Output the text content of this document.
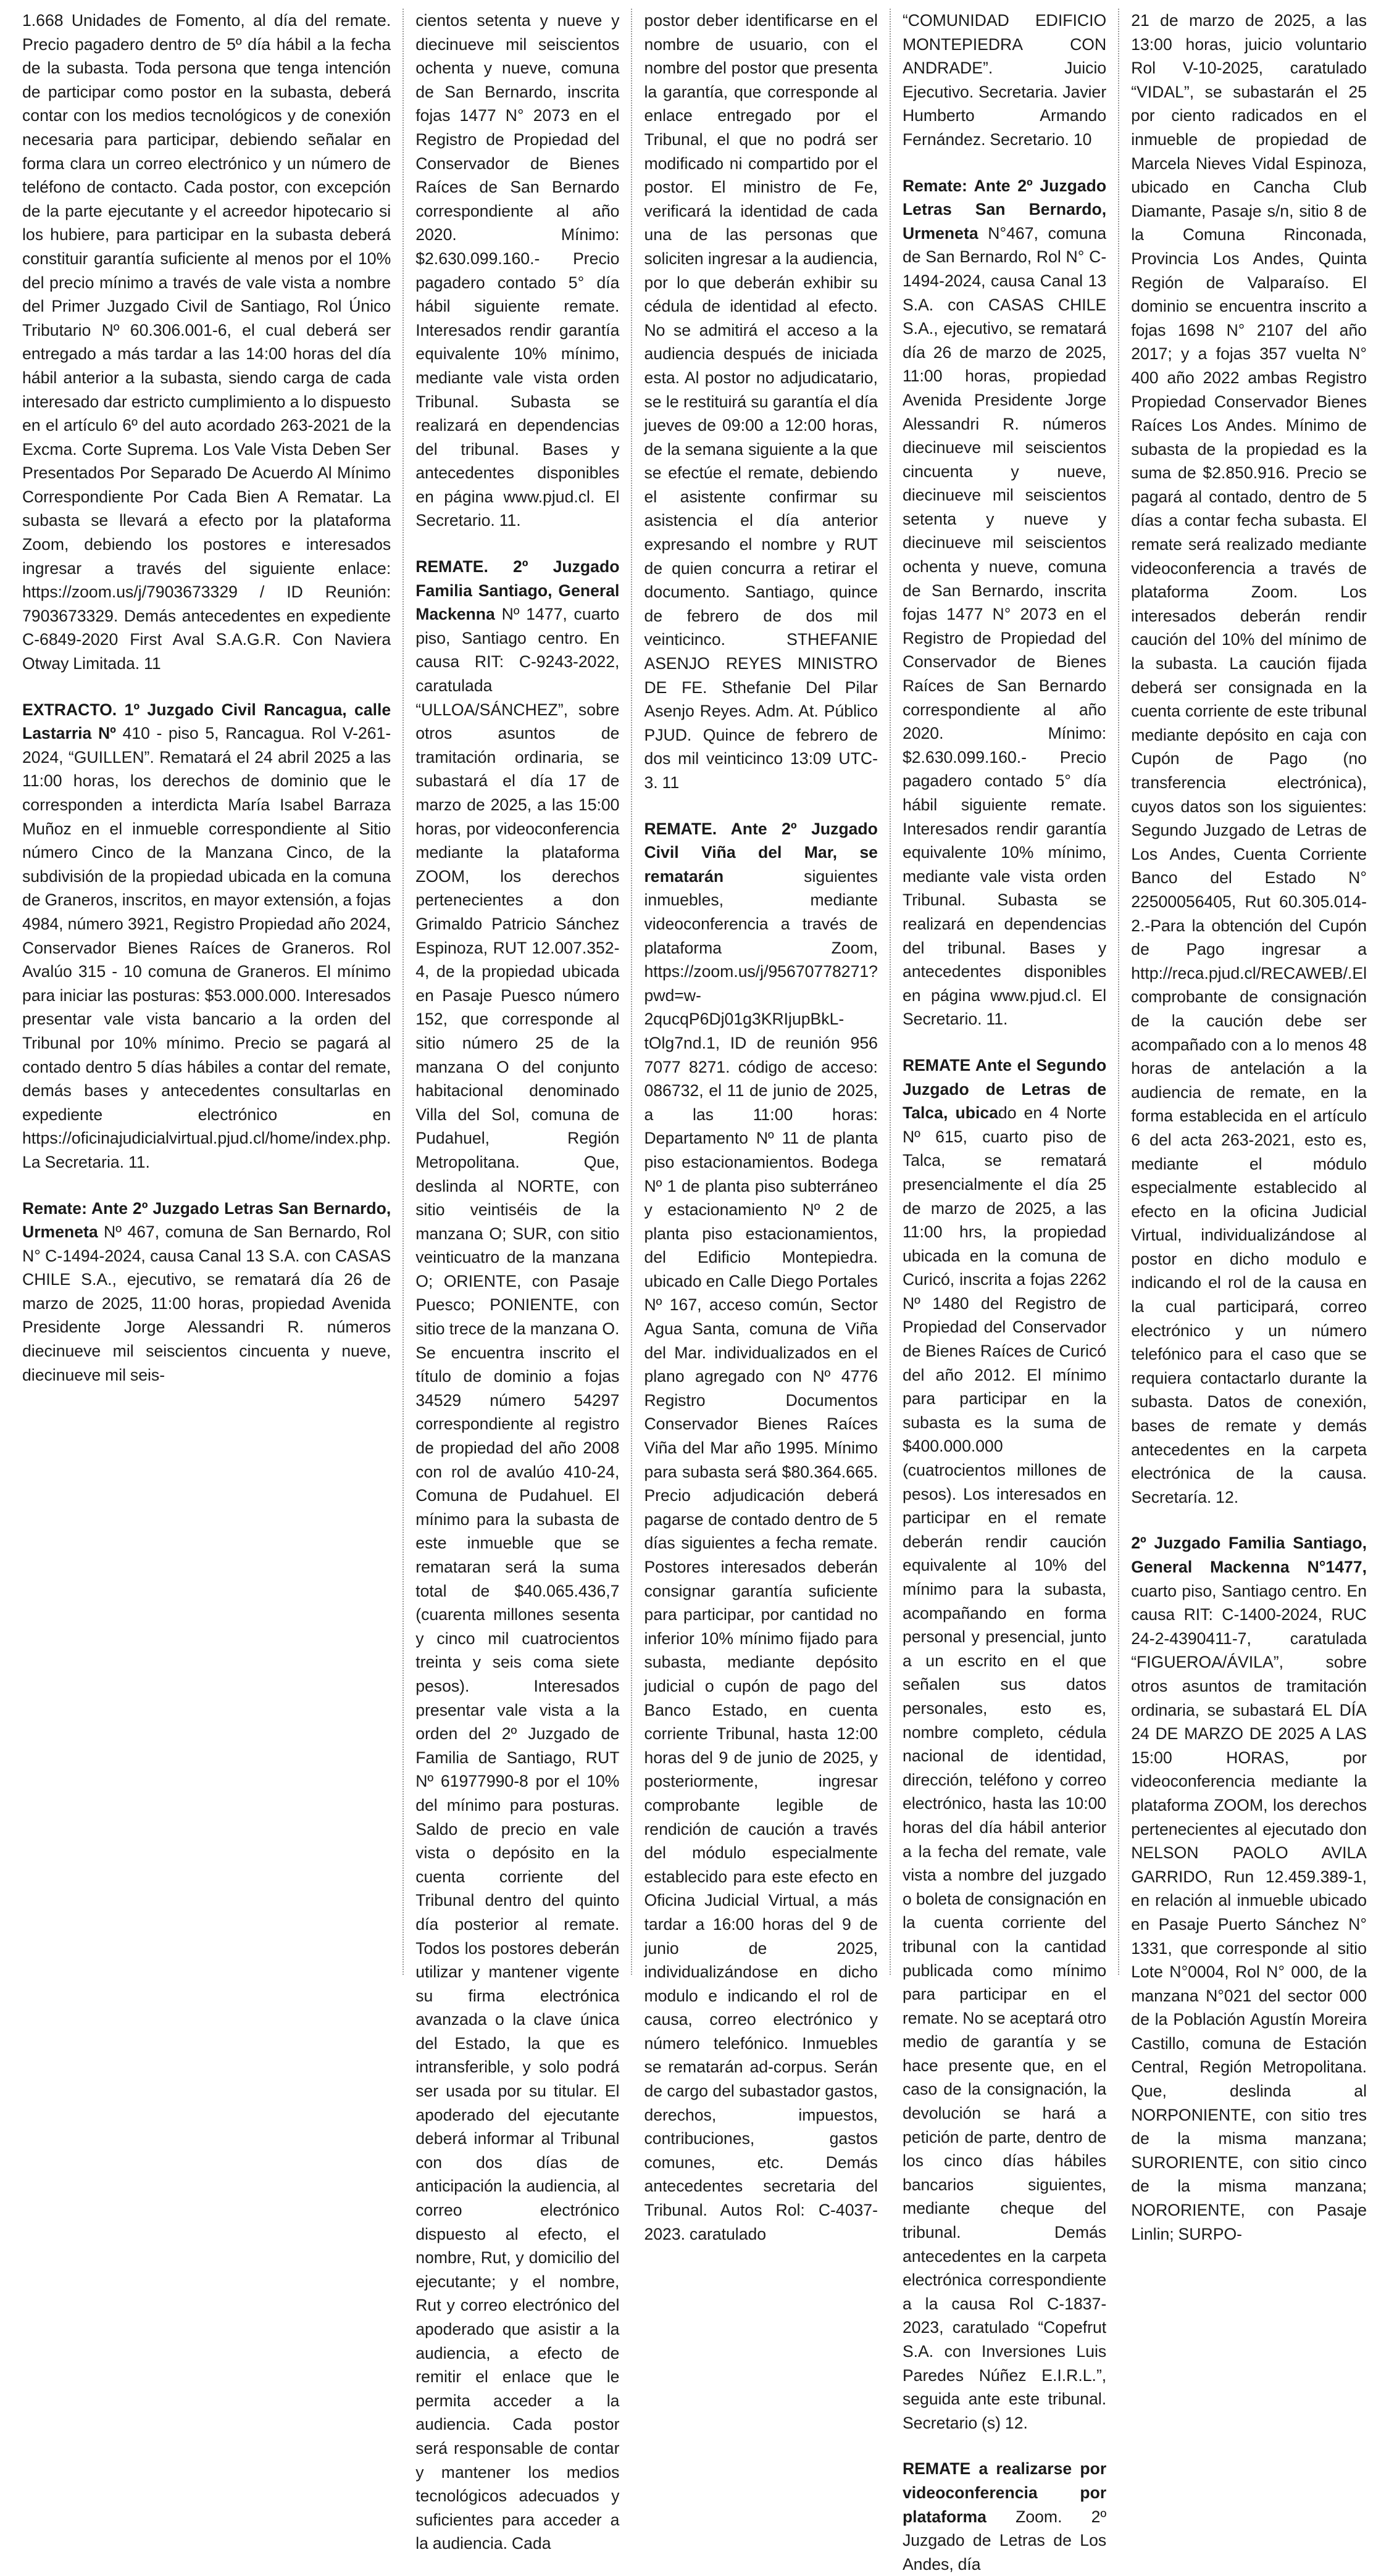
1.668 Unidades de Fomento, al día del remate. Precio pagadero dentro de 5º día hábil a la fecha de la subasta. Toda persona que tenga intención de participar como postor en la subasta, deberá contar con los medios tecnológicos y de conexión necesaria para participar, debiendo señalar en forma clara un correo electrónico y un número de teléfono de contacto. Cada postor, con excepción de la parte ejecutante y el acreedor hipotecario si los hubiere, para participar en la subasta deberá constituir garantía suficiente al menos por el 10% del precio mínimo a través de vale vista a nombre del Primer Juzgado Civil de Santiago, Rol Único Tributario Nº 60.306.001-6, el cual deberá ser entregado a más tardar a las 14:00 horas del día hábil anterior a la subasta, siendo carga de cada interesado dar estricto cumplimiento a lo dispuesto en el artículo 6º del auto acordado 263-2021 de la Excma. Corte Suprema. Los Vale Vista Deben Ser Presentados Por Separado De Acuerdo Al Mínimo Correspondiente Por Cada Bien A Rematar. La subasta se llevará a efecto por la plataforma Zoom, debiendo los postores e interesados ingresar a través del siguiente enlace: https://zoom.us/j/7903673329 / ID Reunión: 7903673329. Demás antecedentes en expediente C-6849-2020 First Aval S.A.G.R. Con Naviera Otway Limitada. 11

EXTRACTO. 1º Juzgado Civil Rancagua, calle Lastarria Nº 410 - piso 5, Rancagua. Rol V-261-2024, “GUILLEN”. Rematará el 24 abril 2025 a las 11:00 horas, los derechos de dominio que le corresponden a interdicta María Isabel Barraza Muñoz en el inmueble correspondiente al Sitio número Cinco de la Manzana Cinco, de la subdivisión de la propiedad ubicada en la comuna de Graneros, inscritos, en mayor extensión, a fojas 4984, número 3921, Registro Propiedad año 2024, Conservador Bienes Raíces de Graneros. Rol Avalúo 315 - 10 comuna de Graneros. El mínimo para iniciar las posturas: $53.000.000. Interesados presentar vale vista bancario a la orden del Tribunal por 10% mínimo. Precio se pagará al contado dentro 5 días hábiles a contar del remate, demás bases y antecedentes consultarlas en expediente electrónico en https://oficinajudicialvirtual.pjud.cl/home/index.php. La Secretaria. 11.

Remate: Ante 2º Juzgado Letras San Bernardo, Urmeneta Nº 467, comuna de San Bernardo, Rol N° C-1494-2024, causa Canal 13 S.A. con CASAS CHILE S.A., ejecutivo, se rematará día 26 de marzo de 2025, 11:00 horas, propiedad Avenida Presidente Jorge Alessandri R. números diecinueve mil seiscientos cincuenta y nueve, diecinueve mil seis-

cientos setenta y nueve y diecinueve mil seiscientos ochenta y nueve, comuna de San Bernardo, inscrita fojas 1477 N° 2073 en el Registro de Propiedad del Conservador de Bienes Raíces de San Bernardo correspondiente al año 2020. Mínimo: $2.630.099.160.- Precio pagadero contado 5° día hábil siguiente remate. Interesados rendir garantía equivalente 10% mínimo, mediante vale vista orden Tribunal. Subasta se realizará en dependencias del tribunal. Bases y antecedentes disponibles en página www.pjud.cl. El Secretario. 11.

REMATE. 2º Juzgado Familia Santiago, General Mackenna Nº 1477, cuarto piso, Santiago centro. En causa RIT: C-9243-2022, caratulada “ULLOA/SÁNCHEZ”, sobre otros asuntos de tramitación ordinaria, se subastará el día 17 de marzo de 2025, a las 15:00 horas, por videoconferencia mediante la plataforma ZOOM, los derechos pertenecientes a don Grimaldo Patricio Sánchez Espinoza, RUT 12.007.352-4, de la propiedad ubicada en Pasaje Puesco número 152, que corresponde al sitio número 25 de la manzana O del conjunto habitacional denominado Villa del Sol, comuna de Pudahuel, Región Metropolitana. Que, deslinda al NORTE, con sitio veintiséis de la manzana O; SUR, con sitio veinticuatro de la manzana O; ORIENTE, con Pasaje Puesco; PONIENTE, con sitio trece de la manzana O. Se encuentra inscrito el título de dominio a fojas 34529 número 54297 correspondiente al registro de propiedad del año 2008 con rol de avalúo 410-24, Comuna de Pudahuel. El mínimo para la subasta de este inmueble que se remataran será la suma total de $40.065.436,7 (cuarenta millones sesenta y cinco mil cuatrocientos treinta y seis coma siete pesos). Interesados presentar vale vista a la orden del 2º Juzgado de Familia de Santiago, RUT Nº 61977990-8 por el 10% del mínimo para posturas. Saldo de precio en vale vista o depósito en la cuenta corriente del Tribunal dentro del quinto día posterior al remate. Todos los postores deberán utilizar y mantener vigente su firma electrónica avanzada o la clave única del Estado, la que es intransferible, y solo podrá ser usada por su titular. El apoderado del ejecutante deberá informar al Tribunal con dos días de anticipación la audiencia, al correo electrónico dispuesto al efecto, el nombre, Rut, y domicilio del ejecutante; y el nombre, Rut y correo electrónico del apoderado que asistir a la audiencia, a efecto de remitir el enlace que le permita acceder a la audiencia. Cada postor será responsable de contar y mantener los medios tecnológicos adecuados y suficientes para acceder a la audiencia. Cada

postor deber identificarse en el nombre de usuario, con el nombre del postor que presenta la garantía, que corresponde al enlace entregado por el Tribunal, el que no podrá ser modificado ni compartido por el postor. El ministro de Fe, verificará la identidad de cada una de las personas que soliciten ingresar a la audiencia, por lo que deberán exhibir su cédula de identidad al efecto. No se admitirá el acceso a la audiencia después de iniciada esta. Al postor no adjudicatario, se le restituirá su garantía el día jueves de 09:00 a 12:00 horas, de la semana siguiente a la que se efectúe el remate, debiendo el asistente confirmar su asistencia el día anterior expresando el nombre y RUT de quien concurra a retirar el documento. Santiago, quince de febrero de dos mil veinticinco. STHEFANIE ASENJO REYES MINISTRO DE FE. Sthefanie Del Pilar Asenjo Reyes. Adm. At. Público PJUD. Quince de febrero de dos mil veinticinco 13:09 UTC-3. 11

REMATE. Ante 2º Juzgado Civil Viña del Mar, se rematarán siguientes inmuebles, mediante videoconferencia a través de plataforma Zoom, https://zoom.us/j/95670778271?pwd=w-2qucqP6Dj01g3KRIjupBkL-tOlg7nd.1, ID de reunión 956 7077 8271. código de acceso: 086732, el 11 de junio de 2025, a las 11:00 horas: Departamento Nº 11 de planta piso estacionamientos. Bodega Nº 1 de planta piso subterráneo y estacionamiento Nº 2 de planta piso estacionamientos, del Edificio Montepiedra. ubicado en Calle Diego Portales Nº 167, acceso común, Sector Agua Santa, comuna de Viña del Mar. individualizados en el plano agregado con Nº 4776 Registro Documentos Conservador Bienes Raíces Viña del Mar año 1995. Mínimo para subasta será $80.364.665. Precio adjudicación deberá pagarse de contado dentro de 5 días siguientes a fecha remate. Postores interesados deberán consignar garantía suficiente para participar, por cantidad no inferior 10% mínimo fijado para subasta, mediante depósito judicial o cupón de pago del Banco Estado, en cuenta corriente Tribunal, hasta 12:00 horas del 9 de junio de 2025, y posteriormente, ingresar comprobante legible de rendición de caución a través del módulo especialmente establecido para este efecto en Oficina Judicial Virtual, a más tardar a 16:00 horas del 9 de junio de 2025, individualizándose en dicho modulo e indicando el rol de causa, correo electrónico y número telefónico. Inmuebles se rematarán ad-corpus. Serán de cargo del subastador gastos, derechos, impuestos, contribuciones, gastos comunes, etc. Demás antecedentes secretaria del Tribunal. Autos Rol: C-4037-2023. caratulado

“COMUNIDAD EDIFICIO MONTEPIEDRA CON ANDRADE”. Juicio Ejecutivo. Secretaria. Javier Humberto Armando Fernández. Secretario. 10

Remate: Ante 2º Juzgado Letras San Bernardo, Urmeneta N°467, comuna de San Bernardo, Rol N° C-1494-2024, causa Canal 13 S.A. con CASAS CHILE S.A., ejecutivo, se rematará día 26 de marzo de 2025, 11:00 horas, propiedad Avenida Presidente Jorge Alessandri R. números diecinueve mil seiscientos cincuenta y nueve, diecinueve mil seiscientos setenta y nueve y diecinueve mil seiscientos ochenta y nueve, comuna de San Bernardo, inscrita fojas 1477 N° 2073 en el Registro de Propiedad del Conservador de Bienes Raíces de San Bernardo correspondiente al año 2020. Mínimo: $2.630.099.160.- Precio pagadero contado 5° día hábil siguiente remate. Interesados rendir garantía equivalente 10% mínimo, mediante vale vista orden Tribunal. Subasta se realizará en dependencias del tribunal. Bases y antecedentes disponibles en página www.pjud.cl. El Secretario. 11.

REMATE Ante el Segundo Juzgado de Letras de Talca, ubicado en 4 Norte Nº 615, cuarto piso de Talca, se rematará presencialmente el día 25 de marzo de 2025, a las 11:00 hrs, la propiedad ubicada en la comuna de Curicó, inscrita a fojas 2262 Nº 1480 del Registro de Propiedad del Conservador de Bienes Raíces de Curicó del año 2012. El mínimo para participar en la subasta es la suma de $400.000.000 (cuatrocientos millones de pesos). Los interesados en participar en el remate deberán rendir caución equivalente al 10% del mínimo para la subasta, acompañando en forma personal y presencial, junto a un escrito en el que señalen sus datos personales, esto es, nombre completo, cédula nacional de identidad, dirección, teléfono y correo electrónico, hasta las 10:00 horas del día hábil anterior a la fecha del remate, vale vista a nombre del juzgado o boleta de consignación en la cuenta corriente del tribunal con la cantidad publicada como mínimo para participar en el remate. No se aceptará otro medio de garantía y se hace presente que, en el caso de la consignación, la devolución se hará a petición de parte, dentro de los cinco días hábiles bancarios siguientes, mediante cheque del tribunal. Demás antecedentes en la carpeta electrónica correspondiente a la causa Rol C-1837-2023, caratulado “Copefrut S.A. con Inversiones Luis Paredes Núñez E.I.R.L.”, seguida ante este tribunal. Secretario (s) 12.

REMATE a realizarse por videoconferencia por plataforma Zoom. 2º Juzgado de Letras de Los Andes, día

21 de marzo de 2025, a las 13:00 horas, juicio voluntario Rol V-10-2025, caratulado “VIDAL”, se subastarán el 25 por ciento radicados en el inmueble de propiedad de Marcela Nieves Vidal Espinoza, ubicado en Cancha Club Diamante, Pasaje s/n, sitio 8 de la Comuna Rinconada, Provincia Los Andes, Quinta Región de Valparaíso. El dominio se encuentra inscrito a fojas 1698 N° 2107 del año 2017; y a fojas 357 vuelta N° 400 año 2022 ambas Registro Propiedad Conservador Bienes Raíces Los Andes. Mínimo de subasta de la propiedad es la suma de $2.850.916. Precio se pagará al contado, dentro de 5 días a contar fecha subasta. El remate será realizado mediante videoconferencia a través de plataforma Zoom. Los interesados deberán rendir caución del 10% del mínimo de la subasta. La caución fijada deberá ser consignada en la cuenta corriente de este tribunal mediante depósito en caja con Cupón de Pago (no transferencia electrónica), cuyos datos son los siguientes: Segundo Juzgado de Letras de Los Andes, Cuenta Corriente Banco del Estado N° 22500056405, Rut 60.305.014-2.-Para la obtención del Cupón de Pago ingresar a http://reca.pjud.cl/RECAWEB/.El comprobante de consignación de la caución debe ser acompañado con a lo menos 48 horas de antelación a la audiencia de remate, en la forma establecida en el artículo 6 del acta 263-2021, esto es, mediante el módulo especialmente establecido al efecto en la oficina Judicial Virtual, individualizándose al postor en dicho modulo e indicando el rol de la causa en la cual participará, correo electrónico y un número telefónico para el caso que se requiera contactarlo durante la subasta. Datos de conexión, bases de remate y demás antecedentes en la carpeta electrónica de la causa. Secretaría. 12.

2º Juzgado Familia Santiago, General Mackenna N°1477, cuarto piso, Santiago centro. En causa RIT: C-1400-2024, RUC 24-2-4390411-7, caratulada “FIGUEROA/ÁVILA”, sobre otros asuntos de tramitación ordinaria, se subastará EL DÍA 24 DE MARZO DE 2025 A LAS 15:00 HORAS, por videoconferencia mediante la plataforma ZOOM, los derechos pertenecientes al ejecutado don NELSON PAOLO AVILA GARRIDO, Run 12.459.389-1, en relación al inmueble ubicado en Pasaje Puerto Sánchez N° 1331, que corresponde al sitio Lote N°0004, Rol N° 000, de la manzana N°021 del sector 000 de la Población Agustín Moreira Castillo, comuna de Estación Central, Región Metropolitana. Que, deslinda al NORPONIENTE, con sitio tres de la misma manzana; SURORIENTE, con sitio cinco de la misma manzana; NORORIENTE, con Pasaje Linlin; SURPO-
